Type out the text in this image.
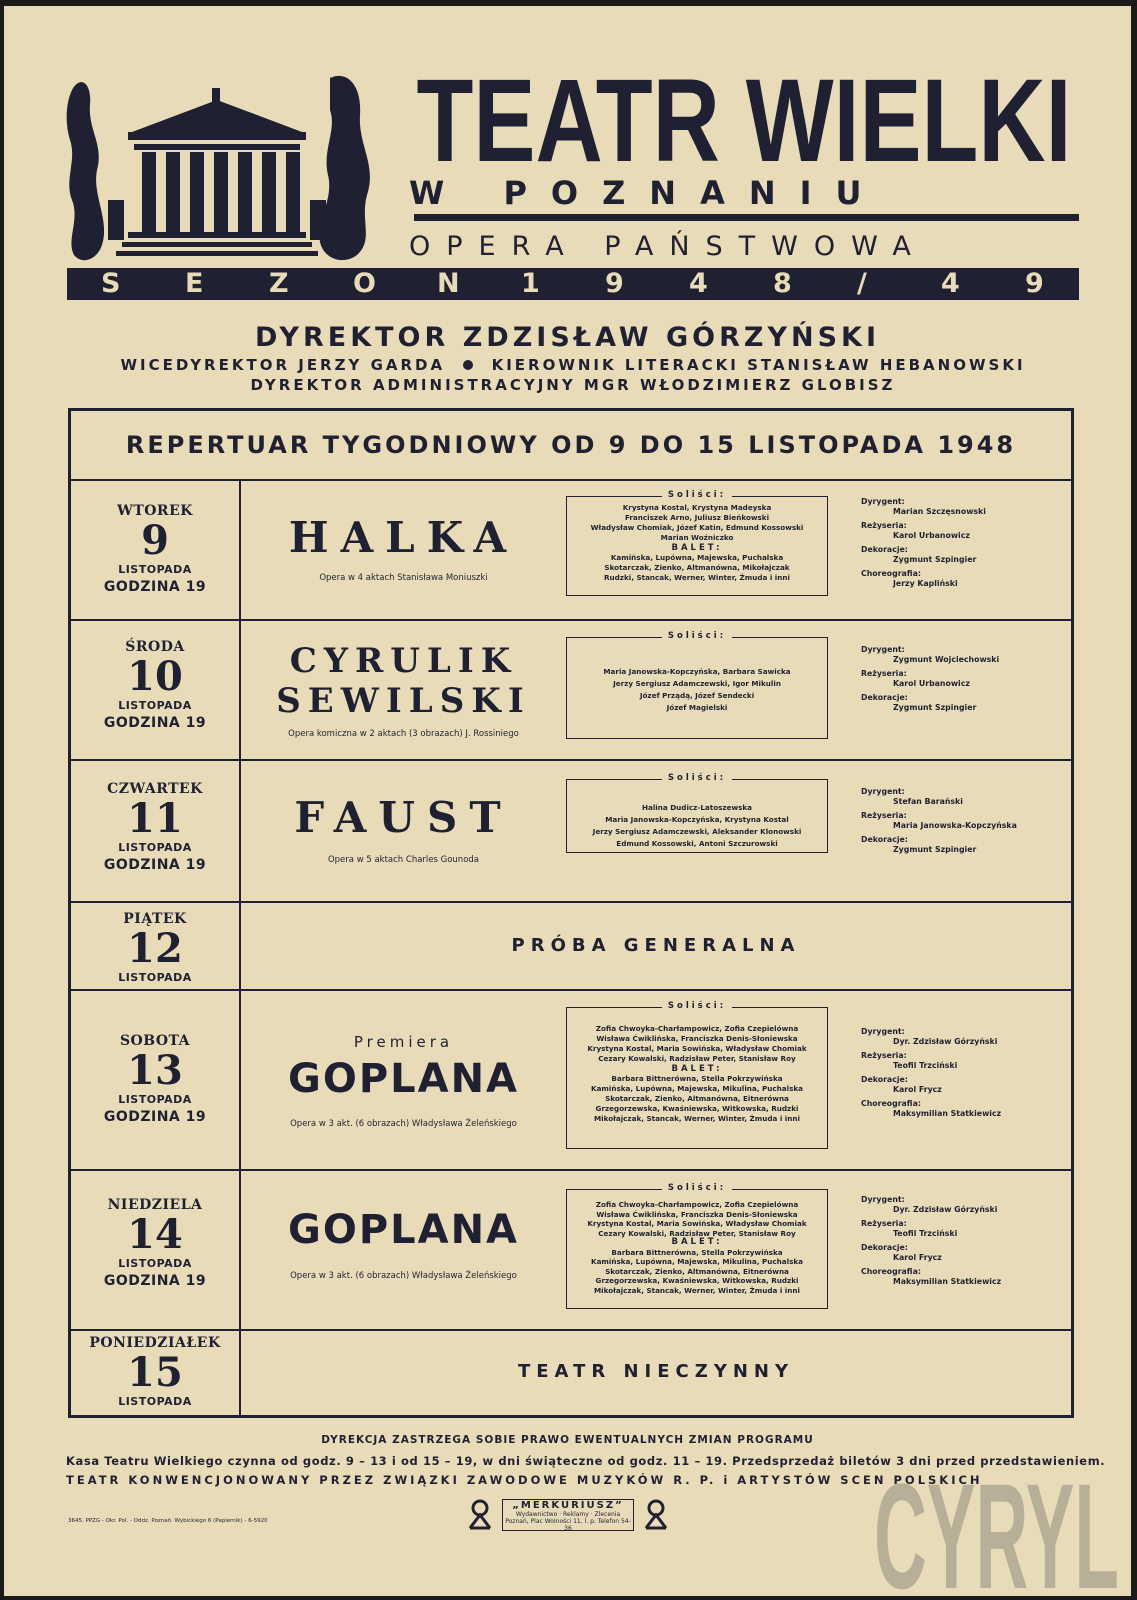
TEATR WIELKI
W POZNANIU
OPERA PAŃSTWOWA
S E Z O N 1 9 4 8 /	4 9
DYREKTOR ZDZISŁAW GÓRZYŃSKI
WICEDYREKTOR JERZY GARDA	KIEROWNIK LITERACKI STANISŁAW HEBANOWSKI
DYREKTOR ADMINISTRACYJNY MGR WŁODZIMIERZ GLOBISZ
REPERTUAR TYGODNIOWY OD 9 DO 15 LISTOPADA 1948
WTOREK
9
LISTOPADA
GODZINA 19
HALKA
Opera w 4 aktach Stanisława Moniuszki
Soliści:
Krystyna Kostal, Krystyna Madeyska
Franciszek Arno, Juliusz Bieńkowski
Władysław Chomiak, Józef Katin, Edmund Kossowski
Marian Woźniczko
BALET:
Kamińska, Lupówna, Majewska, Puchalska
Skotarczak, Zienko, Altmanówna, Mikołajczak
Rudzki, Stancak, Werner, Winter, Żmuda i inni
Dyrygent:
Marian Szczęsnowski
Reżyseria:
Karol Urbanowicz
Dekoracje:
Zygmunt Szpingier
Choreografia:
Jerzy Kapliński
ŚRODA
10
LISTOPADA
GODZINA 19
CYRULIK
SEWILSKI
Opera komiczna w 2 aktach (3 obrazach) J. Rossiniego
Soliści:
Maria Janowska-Kopczyńska, Barbara Sawicka
Jerzy Sergiusz Adamczewski, Igor Mikulin
Józef Prządą, Józef Sendecki
Józef Magielski
Dyrygent:
Zygmunt Wojciechowski
Reżyseria:
Karol Urbanowicz
Dekoracje:
Zygmunt Szpingier
CZWARTEK
11
LISTOPADA
GODZINA 19
FAUST
Opera w 5 aktach Charles Gounoda
Soliści:
Halina Dudicz-Latoszewska
Maria Janowska-Kopczyńska, Krystyna Kostal
Jerzy Sergiusz Adamczewski, Aleksander Klonowski
Edmund Kossowski, Antoni Szczurowski
Dyrygent:
Stefan Barański
Reżyseria:
Maria Janowska-Kopczyńska
Dekoracje:
Zygmunt Szpingier
PIĄTEK
12
LISTOPADA
PRÓBA GENERALNA
SOBOTA
13
LISTOPADA
GODZINA 19
Premiera
GOPLANA
Opera w 3 akt. (6 obrazach) Władysława Żeleńskiego
Soliści:
Zofia Chwoyka-Charłampowicz, Zofia Czepielówna
Wisława Ćwiklińska, Franciszka Denis-Słoniewska
Krystyna Kostal, Maria Sowińska, Władysław Chomiak
Cezary Kowalski, Radzisław Peter, Stanisław Roy
BALET:
Barbara Bittnerówna, Stella Pokrzywińska
Kamińska, Lupówna, Majewska, Mikulina, Puchalska
Skotarczak, Zienko, Altmanówna, Eitnerówna
Grzegorzewska, Kwaśniewska, Witkowska, Rudzki
Mikołajczak, Stancak, Werner, Winter, Żmuda i inni
Dyrygent:
Dyr. Zdzisław Górzyński
Reżyseria:
Teofil Trzciński
Dekoracje:
Karol Frycz
Choreografia:
Maksymilian Statkiewicz
NIEDZIELA
14
LISTOPADA
GODZINA 19
GOPLANA
Opera w 3 akt. (6 obrazach) Władysława Żeleńskiego
Soliści:
Zofia Chwoyka-Charłampowicz, Zofia Czepielówna
Wisława Ćwiklińska, Franciszka Denis-Słoniewska
Krystyna Kostal, Maria Sowińska, Władysław Chomiak
Cezary Kowalski, Radzisław Peter, Stanisław Roy
BALET:
Barbara Bittnerówna, Stella Pokrzywińska
Kamińska, Lupówna, Majewska, Mikulina, Puchalska
Skotarczak, Zienko, Altmanówna, Eitnerówna
Grzegorzewska, Kwaśniewska, Witkowska, Rudzki
Mikołajczak, Stancak, Werner, Winter, Żmuda i inni
Dyrygent:
Dyr. Zdzisław Górzyński
Reżyseria:
Teofil Trzciński
Dekoracje:
Karol Frycz
Choreografia:
Maksymilian Statkiewicz
PONIEDZIAŁEK
15
LISTOPADA
TEATR NIECZYNNY
DYREKCJA ZASTRZEGA SOBIE PRAWO EWENTUALNYCH ZMIAN PROGRAMU
Kasa Teatru Wielkiego czynna od godz. 9 – 13 i od 15 – 19, w dni świąteczne od godz. 11 – 19. Przedsprzedaż biletów 3 dni przed przedstawieniem.
TEATR KONWENCJONOWANY PRZEZ ZWIĄZKI ZAWODOWE MUZYKÓW R. P. i ARTYSTÓW SCEN POLSKICH
3645. PPZG - Okr. Pol. - Oddz. Poznań. Wybickiego 6 (Papiernik) - 6-5920
„MERKURIUSZ”
Wydawnictwo · Reklamy · Zlecenia
Poznań, Plac Wolności 11, I. p. Telefon 54-36	CYRYL
